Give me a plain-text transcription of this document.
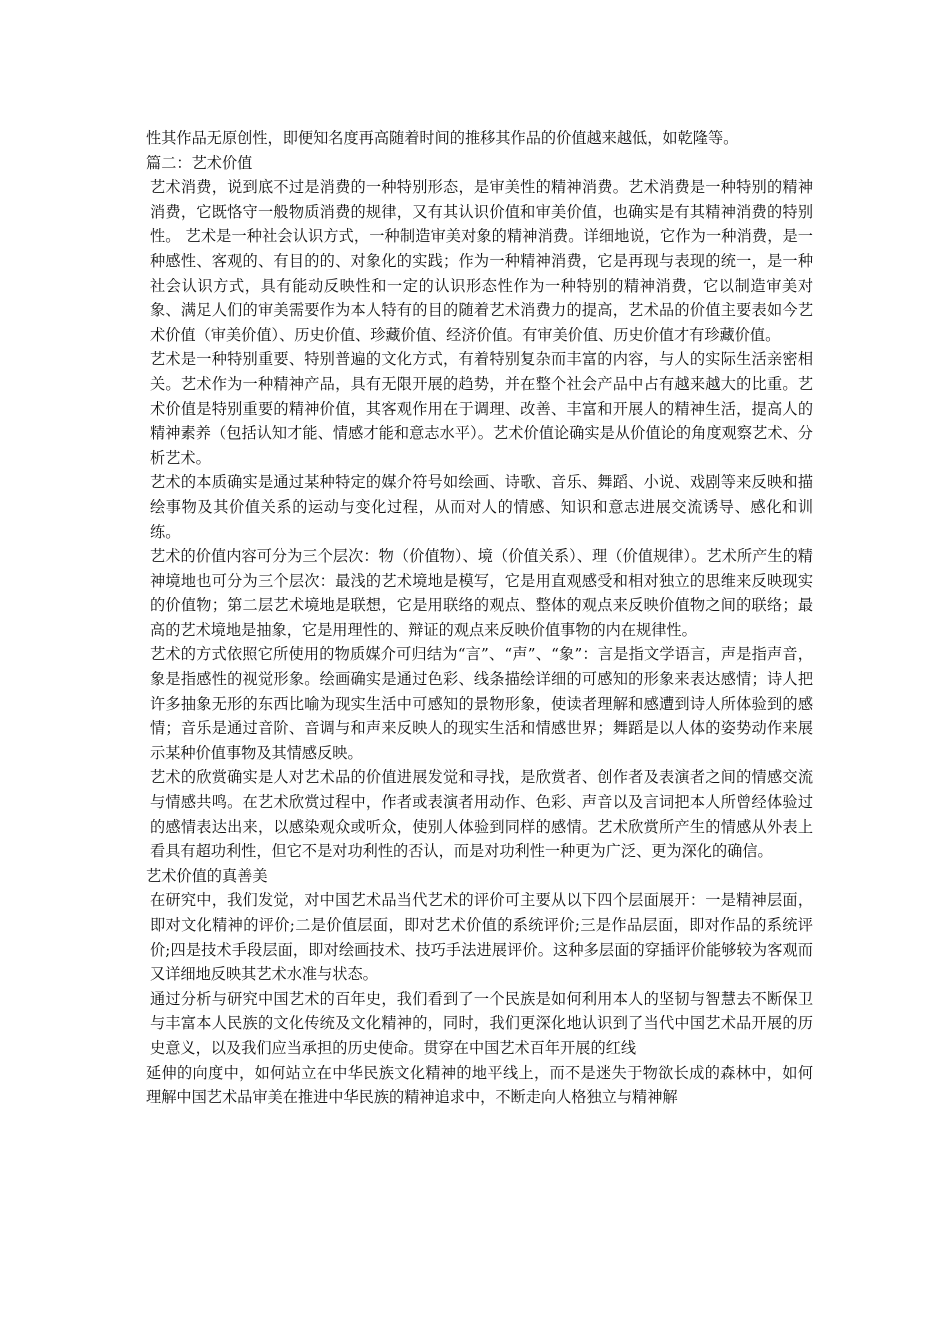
性其作品无原创性，即便知名度再高随着时间的推移其作品的价值越来越低，如乾隆等。

篇二：艺术价值

艺术消费，说到底不过是消费的一种特别形态，是审美性的精神消费。艺术消费是一种特别的精神消费，它既恪守一般物质消费的规律，又有其认识价值和审美价值，也确实是有其精神消费的特别性。 艺术是一种社会认识方式，一种制造审美对象的精神消费。详细地说，它作为一种消费，是一种感性、客观的、有目的的、对象化的实践；作为一种精神消费，它是再现与表现的统一，是一种社会认识方式，具有能动反映性和一定的认识形态性作为一种特别的精神消费，它以制造审美对象、满足人们的审美需要作为本人特有的目的随着艺术消费力的提高，艺术品的价值主要表如今艺术价值（审美价值）、历史价值、珍藏价值、经济价值。有审美价值、历史价值才有珍藏价值。

艺术是一种特别重要、特别普遍的文化方式，有着特别复杂而丰富的内容，与人的实际生活亲密相关。艺术作为一种精神产品，具有无限开展的趋势，并在整个社会产品中占有越来越大的比重。艺术价值是特别重要的精神价值，其客观作用在于调理、改善、丰富和开展人的精神生活，提高人的精神素养（包括认知才能、情感才能和意志水平）。艺术价值论确实是从价值论的角度观察艺术、分析艺术。

艺术的本质确实是通过某种特定的媒介符号如绘画、诗歌、音乐、舞蹈、小说、戏剧等来反映和描绘事物及其价值关系的运动与变化过程，从而对人的情感、知识和意志进展交流诱导、感化和训练。

艺术的价值内容可分为三个层次：物（价值物）、境（价值关系）、理（价值规律）。艺术所产生的精神境地也可分为三个层次：最浅的艺术境地是模写，它是用直观感受和相对独立的思维来反映现实的价值物；第二层艺术境地是联想，它是用联络的观点、整体的观点来反映价值物之间的联络；最高的艺术境地是抽象，它是用理性的、辩证的观点来反映价值事物的内在规律性。

艺术的方式依照它所使用的物质媒介可归结为“言”、“声”、“象”：言是指文学语言，声是指声音，象是指感性的视觉形象。绘画确实是通过色彩、线条描绘详细的可感知的形象来表达感情；诗人把许多抽象无形的东西比喻为现实生活中可感知的景物形象，使读者理解和感遭到诗人所体验到的感情；音乐是通过音阶、音调与和声来反映人的现实生活和情感世界；舞蹈是以人体的姿势动作来展示某种价值事物及其情感反映。

艺术的欣赏确实是人对艺术品的价值进展发觉和寻找，是欣赏者、创作者及表演者之间的情感交流与情感共鸣。在艺术欣赏过程中，作者或表演者用动作、色彩、声音以及言词把本人所曾经体验过的感情表达出来，以感染观众或听众，使别人体验到同样的感情。艺术欣赏所产生的情感从外表上看具有超功利性，但它不是对功利性的否认，而是对功利性一种更为广泛、更为深化的确信。

艺术价值的真善美

在研究中，我们发觉，对中国艺术品当代艺术的评价可主要从以下四个层面展开：一是精神层面，即对文化精神的评价;二是价值层面，即对艺术价值的系统评价;三是作品层面，即对作品的系统评价;四是技术手段层面，即对绘画技术、技巧手法进展评价。这种多层面的穿插评价能够较为客观而又详细地反映其艺术水准与状态。

通过分析与研究中国艺术的百年史，我们看到了一个民族是如何利用本人的坚韧与智慧去不断保卫与丰富本人民族的文化传统及文化精神的，同时，我们更深化地认识到了当代中国艺术品开展的历史意义，以及我们应当承担的历史使命。贯穿在中国艺术百年开展的红线

延伸的向度中，如何站立在中华民族文化精神的地平线上，而不是迷失于物欲长成的森林中，如何理解中国艺术品审美在推进中华民族的精神追求中，不断走向人格独立与精神解
